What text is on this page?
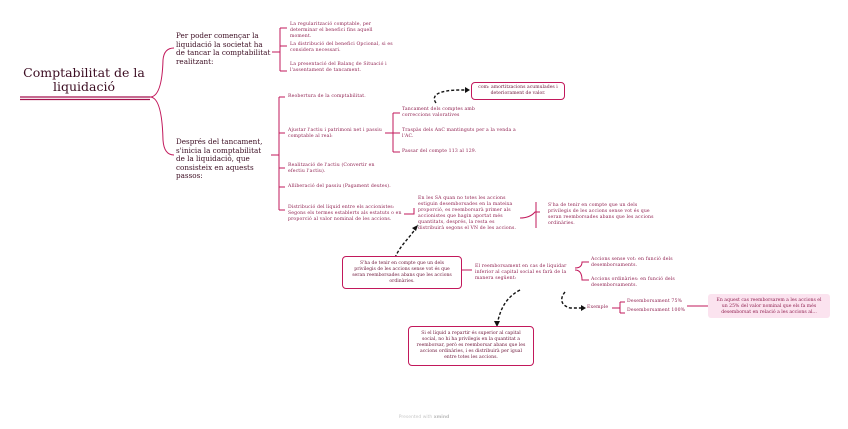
Comptabilitat de la liquidació
Per poder començar la liquidació la societat ha de tancar la comptabilitat realitzant:
Després del tancament, s'inicia la comptabilitat de la liquidació, que consisteix en aquests passos:
La regularització comptable, per determinar el benefici fins aquell moment.
La distribució del benefici Opcional, si es considera necessari.
La presentació del Balanç de Situació i l'assentament de tancament.
Reobertura de la comptabilitat.
Ajustar l'actiu i patrimoni net i passiu comptable al real:
Tancament dels comptes amb correccions valoratives
Traspàs dels AnC mantinguts per a la venda a l'AC.
Passar del compte 113 al 129.
Realització de l'actiu (Convertir en efectiu l'actiu).
Alliberació del passiu (Pagament deutes).
Distribució del líquid entre els accionistes: Segons els termes establerts als estatuts o en proporció al valor nominal de les accions.
En les SA quan no totes les accions estiguin desemborsades en la mateixa proporció, es reemborsarà primer als accionistes que hagin aportat més quantitats, després, la resta es distribuirà segons el VN de les accions.
S'ha de tenir en compte que un dels privilegis de les accions sense vot és que seran reemborsades abans que les accions ordinàries.
com: amortitzacions acumulades i deteriorament de valor.
S'ha de tenir en compte que un dels privilegis de les accions sense vot és que seran reemborsades abans que les accions ordinàries.
El reemborsament en cas de liquidar inferior al capital social es farà de la manera següent:
Accions sense vot: en funció dels desemborsaments.
Accions ordinàries: en funció dels desemborsaments.
Exemple
Desemborsament 75%
Desemborsament 100%
En aquest cas reemborsarem a les accions el un 25% del valor nominal que els fa més desemborsat en relació a les accions al...
Si el líquid a repartir és superior al capital social, no hi ha privilegis en la quantitat a reemborsar, però es reemborsar abans que les accions ordinàries, i es distribuirà per igual entre totes les accions.
Presented with xmind
